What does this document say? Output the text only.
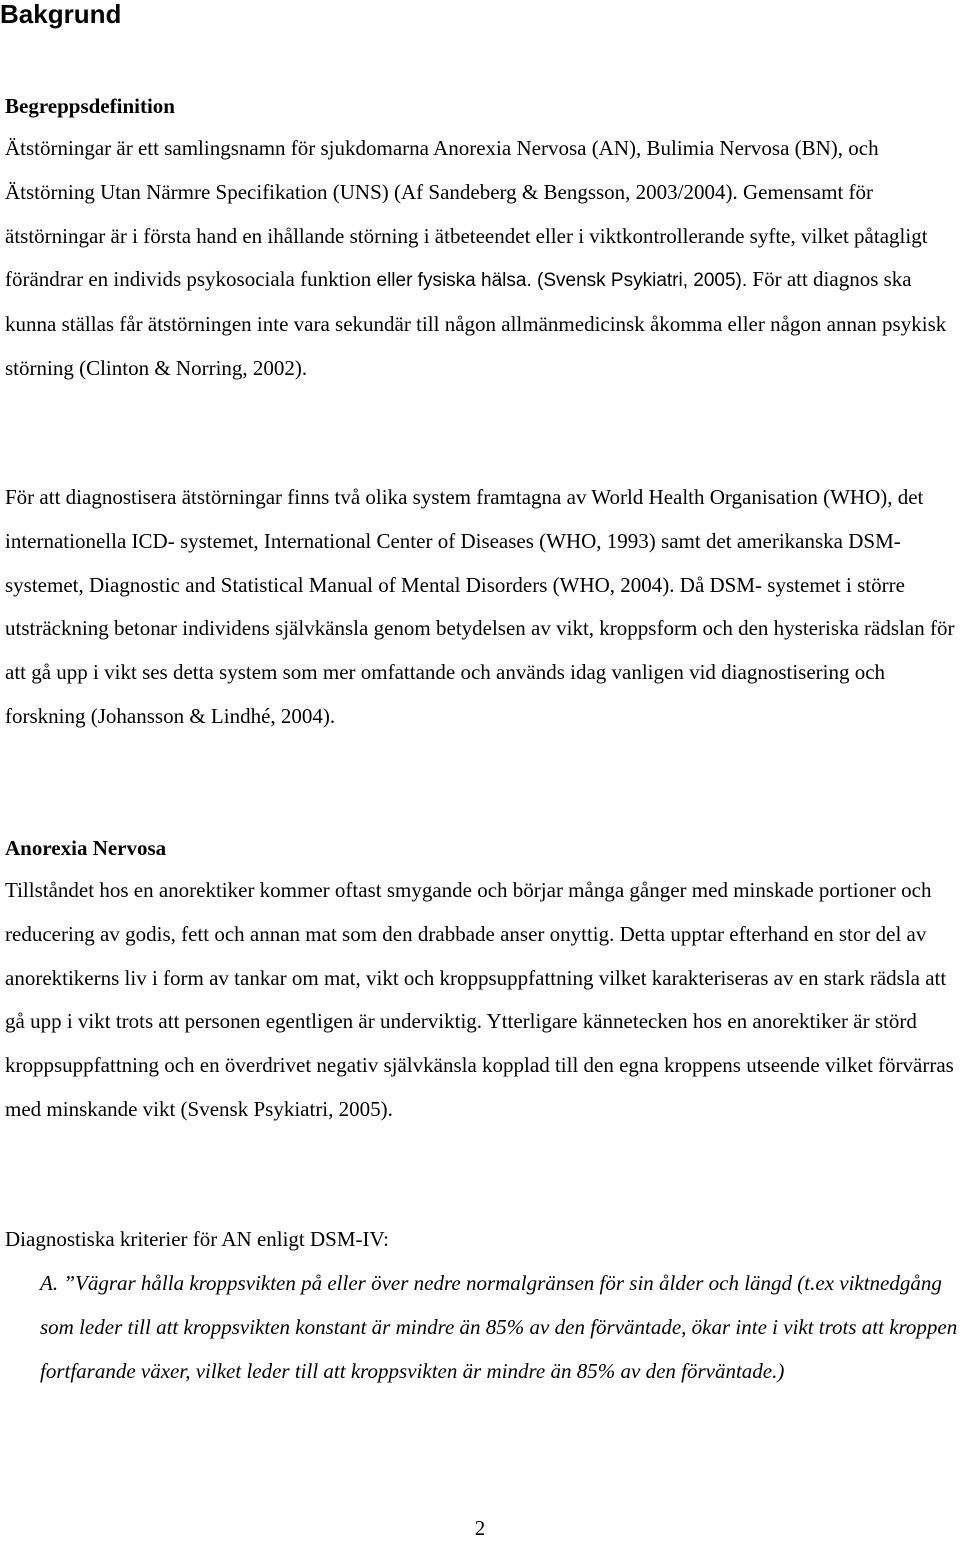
Bakgrund
Begreppsdefinition

Ätstörningar är ett samlingsnamn för sjukdomarna Anorexia Nervosa (AN), Bulimia Nervosa (BN), och Ätstörning Utan Närmre Specifikation (UNS) (Af Sandeberg & Bengsson, 2003/2004). Gemensamt för ätstörningar är i första hand en ihållande störning i ätbeteendet eller i viktkontrollerande syfte, vilket påtagligt förändrar en individs psykosociala funktion eller fysiska hälsa. (Svensk Psykiatri, 2005). För att diagnos ska kunna ställas får ätstörningen inte vara sekundär till någon allmänmedicinsk åkomma eller någon annan psykisk störning (Clinton & Norring, 2002).

För att diagnostisera ätstörningar finns två olika system framtagna av World Health Organisation (WHO), det internationella ICD- systemet, International Center of Diseases (WHO, 1993) samt det amerikanska DSM- systemet, Diagnostic and Statistical Manual of Mental Disorders (WHO, 2004). Då DSM- systemet i större utsträckning betonar individens självkänsla genom betydelsen av vikt, kroppsform och den hysteriska rädslan för att gå upp i vikt ses detta system som mer omfattande och används idag vanligen vid diagnostisering och forskning (Johansson & Lindhé, 2004).

Anorexia Nervosa

Tillståndet hos en anorektiker kommer oftast smygande och börjar många gånger med minskade portioner och reducering av godis, fett och annan mat som den drabbade anser onyttig. Detta upptar efterhand en stor del av anorektikerns liv i form av tankar om mat, vikt och kroppsuppfattning vilket karakteriseras av en stark rädsla att gå upp i vikt trots att personen egentligen är underviktig. Ytterligare kännetecken hos en anorektiker är störd kroppsuppfattning och en överdrivet negativ självkänsla kopplad till den egna kroppens utseende vilket förvärras med minskande vikt (Svensk Psykiatri, 2005).

Diagnostiska kriterier för AN enligt DSM-IV:

A. ”Vägrar hålla kroppsvikten på eller över nedre normalgränsen för sin ålder och längd (t.ex viktnedgång som leder till att kroppsvikten konstant är mindre än 85% av den förväntade, ökar inte i vikt trots att kroppen fortfarande växer, vilket leder till att kroppsvikten är mindre än 85% av den förväntade.)

2
